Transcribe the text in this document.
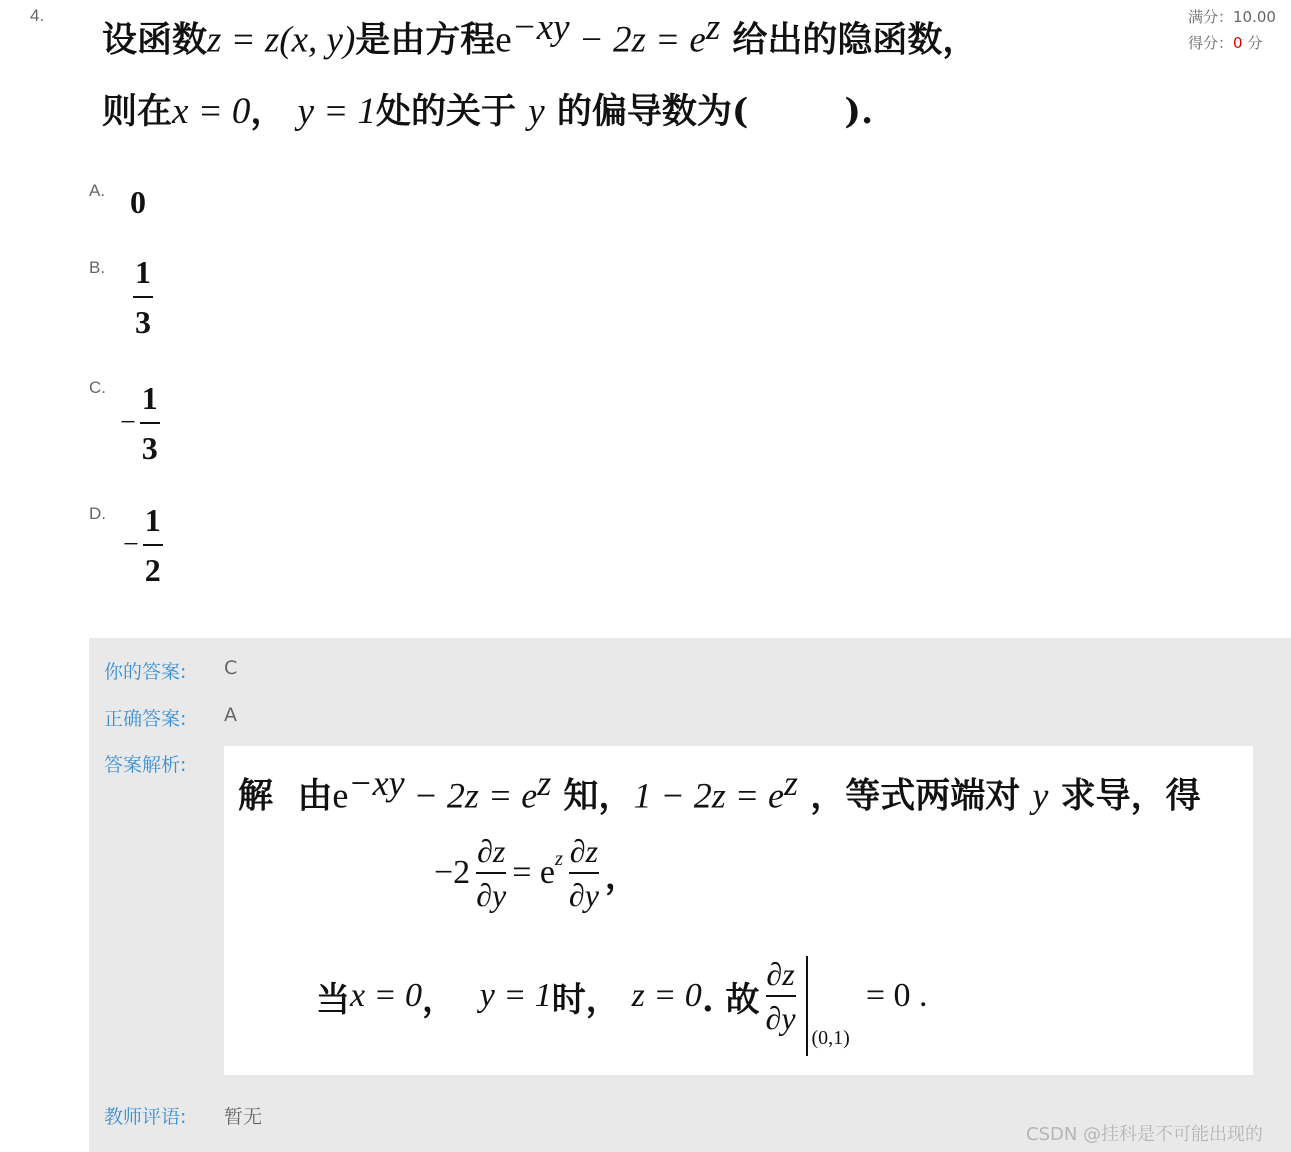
4.	满分：10.00
得分：0 分
设函数z = z(x, y)是由方程$e^{-xy} - 2z = e^z$ 给出的隐函数，
则在x = 0， y = 1处的关于 y 的偏导数为(	).
A. 0
B. $\frac{1}{3}$
C.
− $\frac{1}{3}$
D.
− $\frac{1}{2}$
你的答案: C
正确答案: A
答案解析:
解 由$e^{-xy} - 2z = e^z$ 知，$1 - 2z = e^z$ ，等式两端对 y 求导，得
−2
∂z
∂y
= $e^z$ ∂z
∂y ，
当 x = 0 ，
y = 1 时，
z = 0 . 故
∂z
∂y
(0,1)
= 0 .
教师评语: 暂无
CSDN @挂科是不可能出现的
